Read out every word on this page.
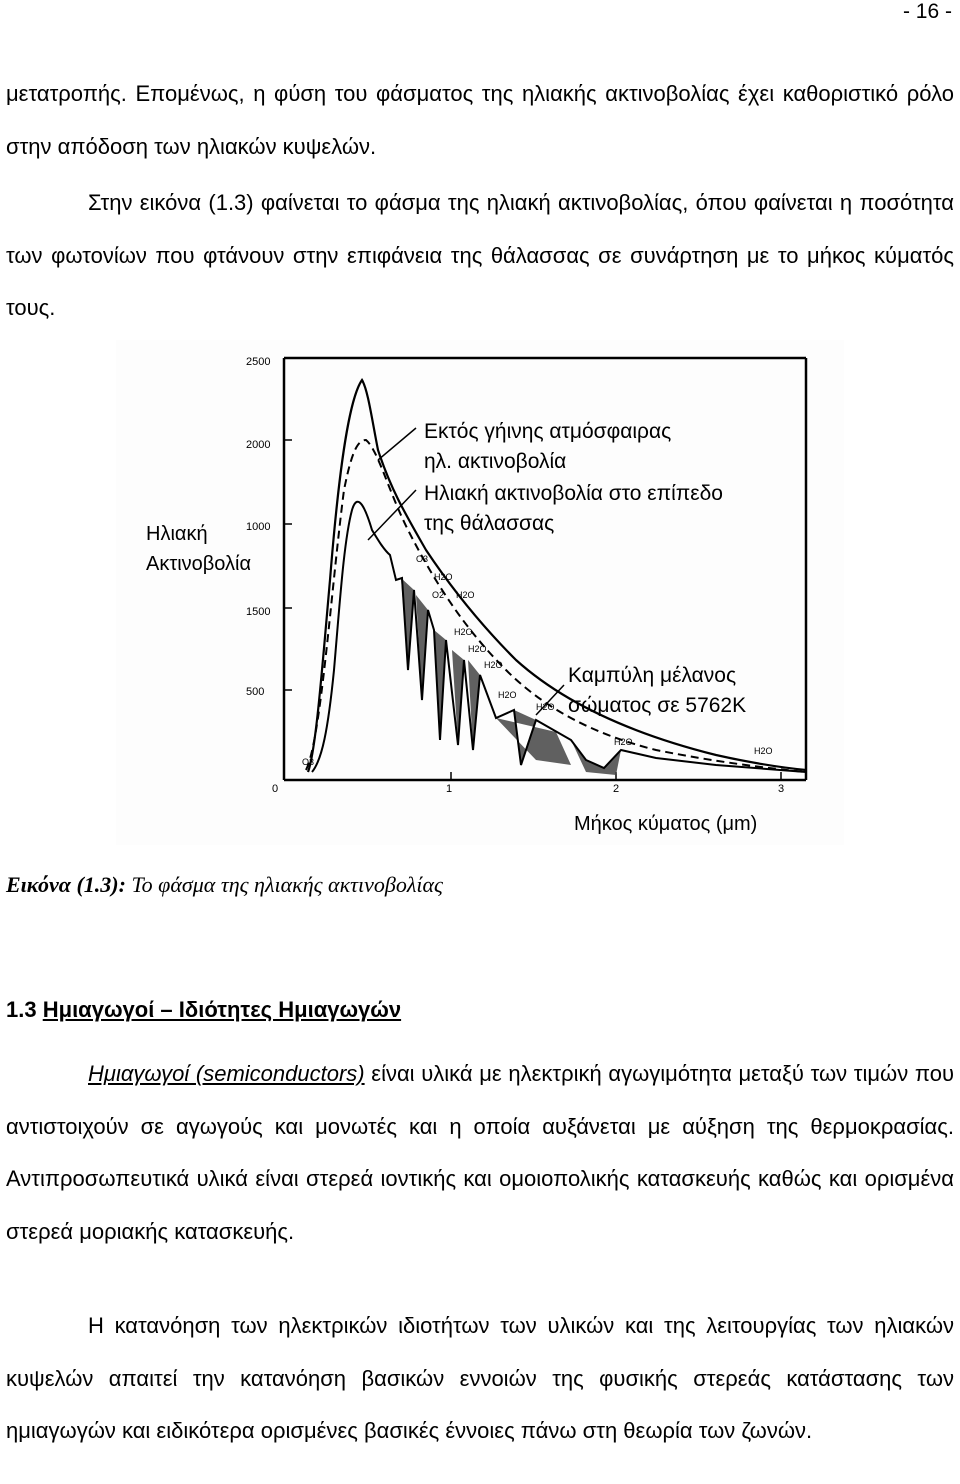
- 16 -

μετατροπής. Επομένως, η φύση του φάσματος της ηλιακής ακτινοβολίας έχει καθοριστικό ρόλο στην απόδοση των ηλιακών κυψελών.

Στην εικόνα (1.3) φαίνεται το φάσμα της ηλιακή ακτινοβολίας, όπου φαίνεται η ποσότητα των φωτονίων που φτάνουν στην επιφάνεια της θάλασσας σε συνάρτηση με το μήκος κύματός τους.

2500
2000
1000
1500
500
0	1	2	3
O3
O3
H2O
O2 H2O
H2O
H2O
H2O
H2O
H2O
H2O
H2O
Ηλιακή
Ακτινοβολία
Μήκος κύματος (μm)
Εκτός γήινης ατμόσφαιρας
ηλ. ακτινοβολία
Ηλιακή ακτινοβολία στο επίπεδο
της θάλασσας
Καμπύλη μέλανος
σώματος σε 5762K
Εικόνα (1.3): Το φάσμα της ηλιακής ακτινοβολίας
1.3 Ημιαγωγοί – Ιδιότητες Ημιαγωγών

Ημιαγωγοί (semiconductors) είναι υλικά με ηλεκτρική αγωγιμότητα μεταξύ των τιμών που αντιστοιχούν σε αγωγούς και μονωτές και η οποία αυξάνεται με αύξηση της θερμοκρασίας. Αντιπροσωπευτικά υλικά είναι στερεά ιοντικής και ομοιοπολικής κατασκευής καθώς και ορισμένα στερεά μοριακής κατασκευής.

Η κατανόηση των ηλεκτρικών ιδιοτήτων των υλικών και της λειτουργίας των ηλιακών κυψελών απαιτεί την κατανόηση βασικών εννοιών της φυσικής στερεάς κατάστασης των ημιαγωγών και ειδικότερα ορισμένες βασικές έννοιες πάνω στη θεωρία των ζωνών.
